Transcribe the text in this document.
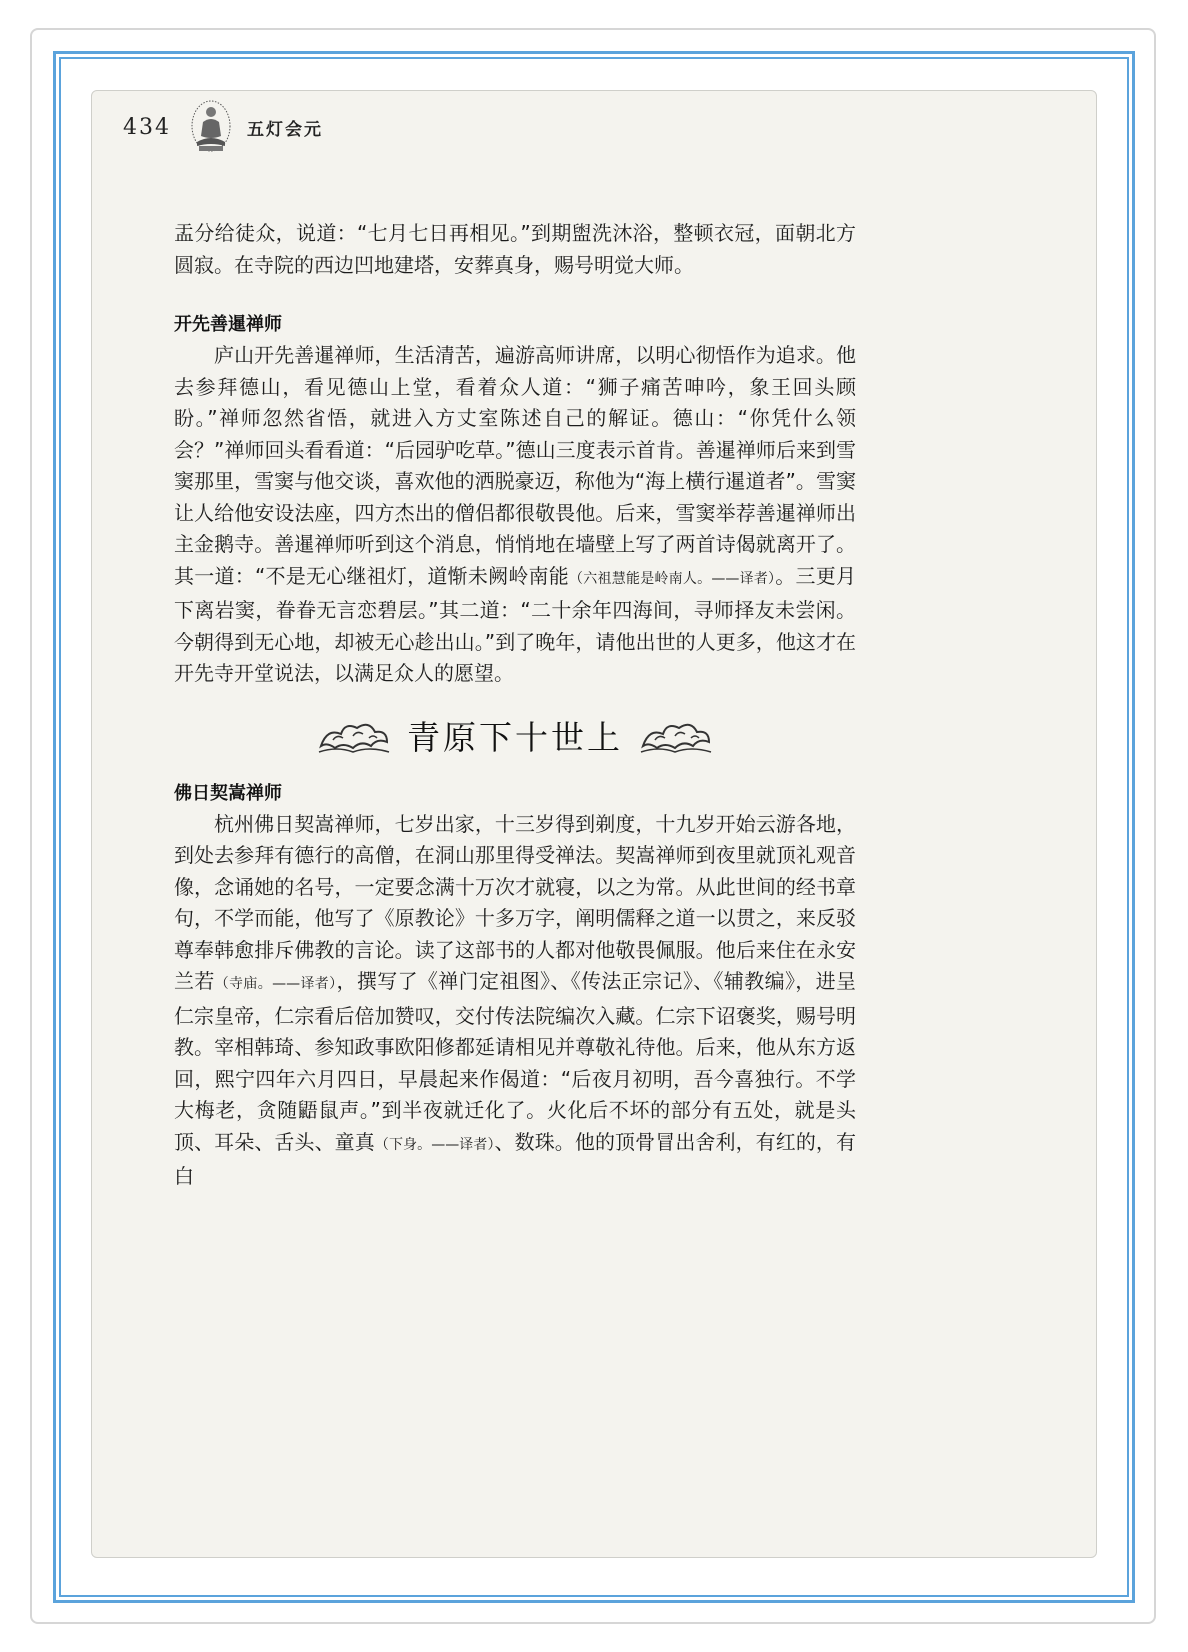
434	五灯会元

盂分给徒众，说道：“七月七日再相见。”到期盥洗沐浴，整顿衣冠，面朝北方圆寂。在寺院的西边凹地建塔，安葬真身，赐号明觉大师。

开先善暹禅师

庐山开先善暹禅师，生活清苦，遍游高师讲席，以明心彻悟作为追求。他去参拜德山，看见德山上堂，看着众人道：“狮子痛苦呻吟，象王回头顾盼。”禅师忽然省悟，就进入方丈室陈述自己的解证。德山：“你凭什么领会？”禅师回头看看道：“后园驴吃草。”德山三度表示首肯。善暹禅师后来到雪窦那里，雪窦与他交谈，喜欢他的洒脱豪迈，称他为“海上横行暹道者”。雪窦让人给他安设法座，四方杰出的僧侣都很敬畏他。后来，雪窦举荐善暹禅师出主金鹅寺。善暹禅师听到这个消息，悄悄地在墙壁上写了两首诗偈就离开了。其一道：“不是无心继祖灯，道惭未阙岭南能（六祖慧能是岭南人。——译者）。三更月下离岩窦，眷眷无言恋碧层。”其二道：“二十余年四海间，寻师择友未尝闲。今朝得到无心地，却被无心趁出山。”到了晚年，请他出世的人更多，他这才在开先寺开堂说法，以满足众人的愿望。

青原下十世上
佛日契嵩禅师

杭州佛日契嵩禅师，七岁出家，十三岁得到剃度，十九岁开始云游各地，到处去参拜有德行的高僧，在洞山那里得受禅法。契嵩禅师到夜里就顶礼观音像，念诵她的名号，一定要念满十万次才就寝，以之为常。从此世间的经书章句，不学而能，他写了《原教论》十多万字，阐明儒释之道一以贯之，来反驳尊奉韩愈排斥佛教的言论。读了这部书的人都对他敬畏佩服。他后来住在永安兰若（寺庙。——译者），撰写了《禅门定祖图》、《传法正宗记》、《辅教编》，进呈仁宗皇帝，仁宗看后倍加赞叹，交付传法院编次入藏。仁宗下诏褒奖，赐号明教。宰相韩琦、参知政事欧阳修都延请相见并尊敬礼待他。后来，他从东方返回，熙宁四年六月四日，早晨起来作偈道：“后夜月初明，吾今喜独行。不学大梅老，贪随鼯鼠声。”到半夜就迁化了。火化后不坏的部分有五处，就是头顶、耳朵、舌头、童真（下身。——译者）、数珠。他的顶骨冒出舍利，有红的，有白
